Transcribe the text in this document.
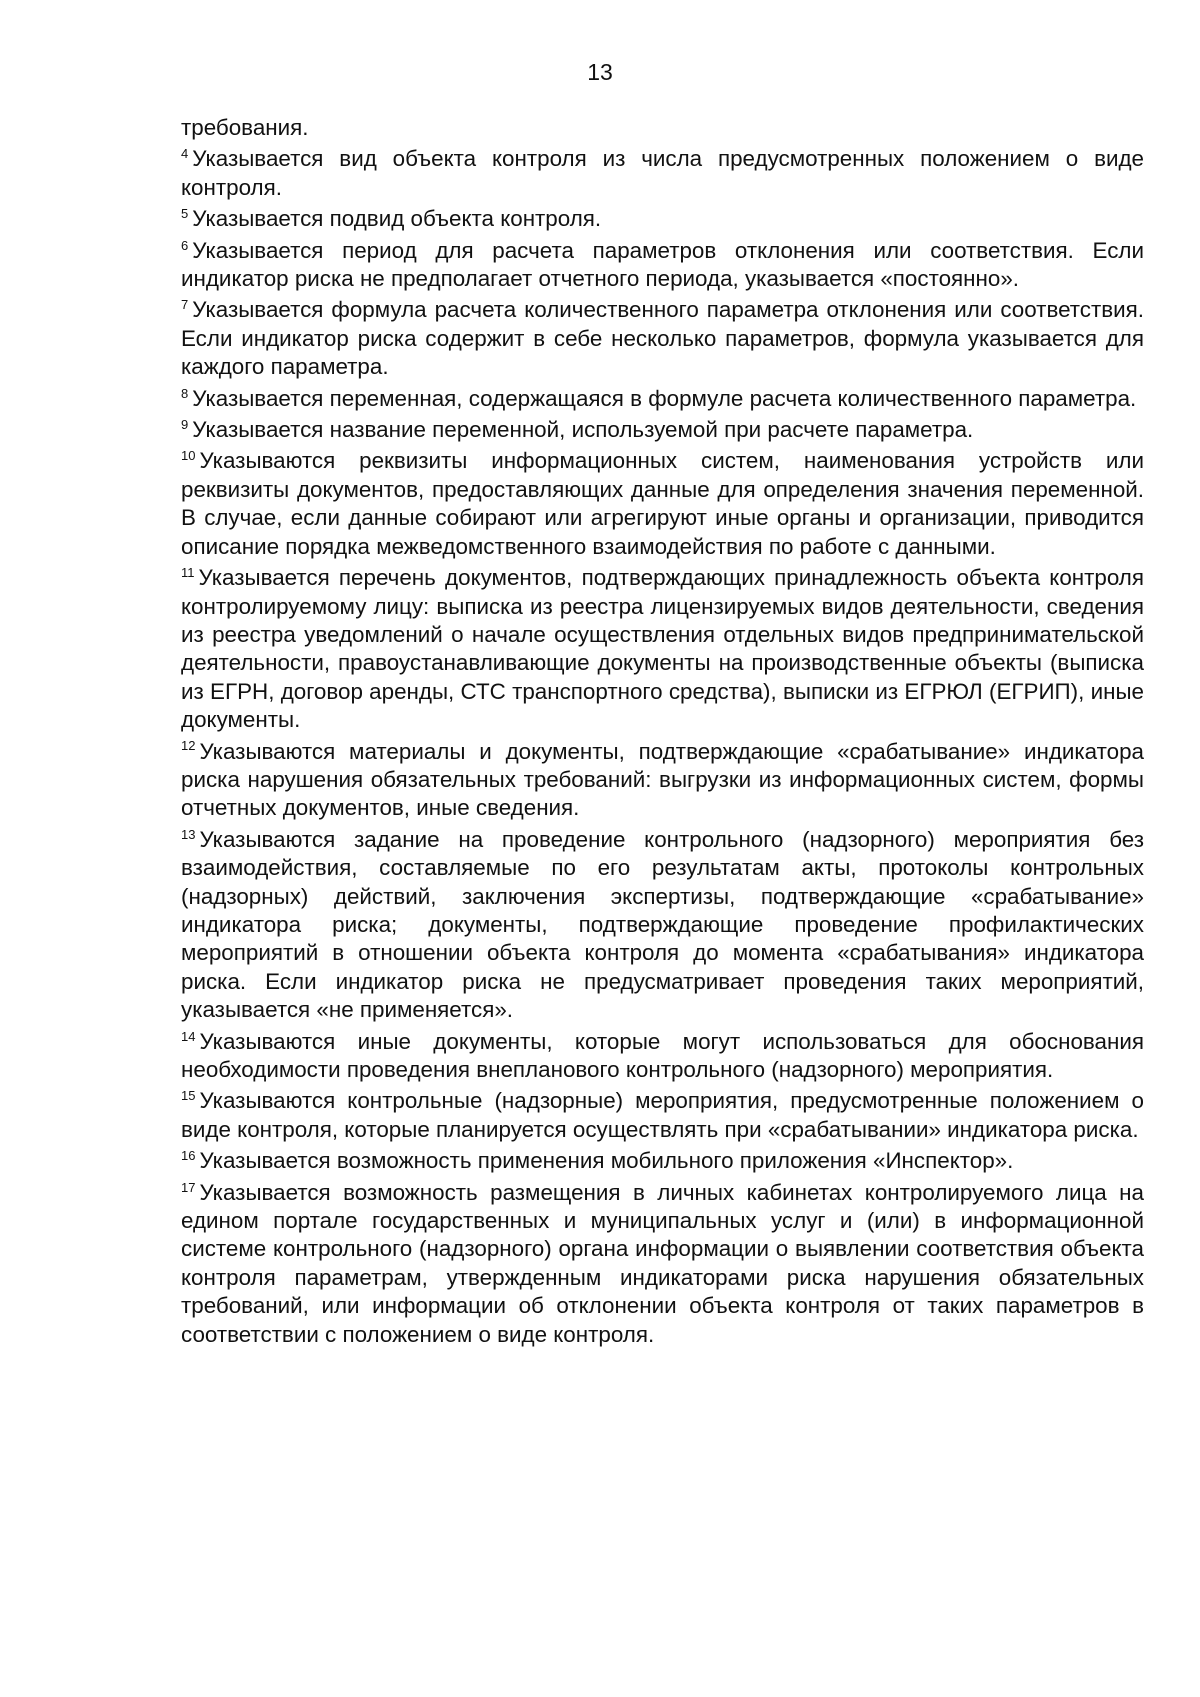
13

требования.

$^4$ Указывается вид объекта контроля из числа предусмотренных положением о виде контроля.

$^5$ Указывается подвид объекта контроля.

$^6$ Указывается период для расчета параметров отклонения или соответствия. Если индикатор риска не предполагает отчетного периода, указывается «постоянно».

$^7$ Указывается формула расчета количественного параметра отклонения или соответствия. Если индикатор риска содержит в себе несколько параметров, формула указывается для каждого параметра.

$^8$ Указывается переменная, содержащаяся в формуле расчета количественного параметра.

$^9$ Указывается название переменной, используемой при расчете параметра.

$^{10}$ Указываются реквизиты информационных систем, наименования устройств или реквизиты документов, предоставляющих данные для определения значения переменной. В случае, если данные собирают или агрегируют иные органы и организации, приводится описание порядка межведомственного взаимодействия по работе с данными.

$^{11}$ Указывается перечень документов, подтверждающих принадлежность объекта контроля контролируемому лицу: выписка из реестра лицензируемых видов деятельности, сведения из реестра уведомлений о начале осуществления отдельных видов предпринимательской деятельности, правоустанавливающие документы на производственные объекты (выписка из ЕГРН, договор аренды, СТС транспортного средства), выписки из ЕГРЮЛ (ЕГРИП), иные документы.

$^{12}$ Указываются материалы и документы, подтверждающие «срабатывание» индикатора риска нарушения обязательных требований: выгрузки из информационных систем, формы отчетных документов, иные сведения.

$^{13}$ Указываются задание на проведение контрольного (надзорного) мероприятия без взаимодействия, составляемые по его результатам акты, протоколы контрольных (надзорных) действий, заключения экспертизы, подтверждающие «срабатывание» индикатора риска; документы, подтверждающие проведение профилактических мероприятий в отношении объекта контроля до момента «срабатывания» индикатора риска. Если индикатор риска не предусматривает проведения таких мероприятий, указывается «не применяется».

$^{14}$ Указываются иные документы, которые могут использоваться для обоснования необходимости проведения внепланового контрольного (надзорного) мероприятия.

$^{15}$ Указываются контрольные (надзорные) мероприятия, предусмотренные положением о виде контроля, которые планируется осуществлять при «срабатывании» индикатора риска.

$^{16}$ Указывается возможность применения мобильного приложения «Инспектор».

$^{17}$ Указывается возможность размещения в личных кабинетах контролируемого лица на едином портале государственных и муниципальных услуг и (или) в информационной системе контрольного (надзорного) органа информации о выявлении соответствия объекта контроля параметрам, утвержденным индикаторами риска нарушения обязательных требований, или информации об отклонении объекта контроля от таких параметров в соответствии с положением о виде контроля.
